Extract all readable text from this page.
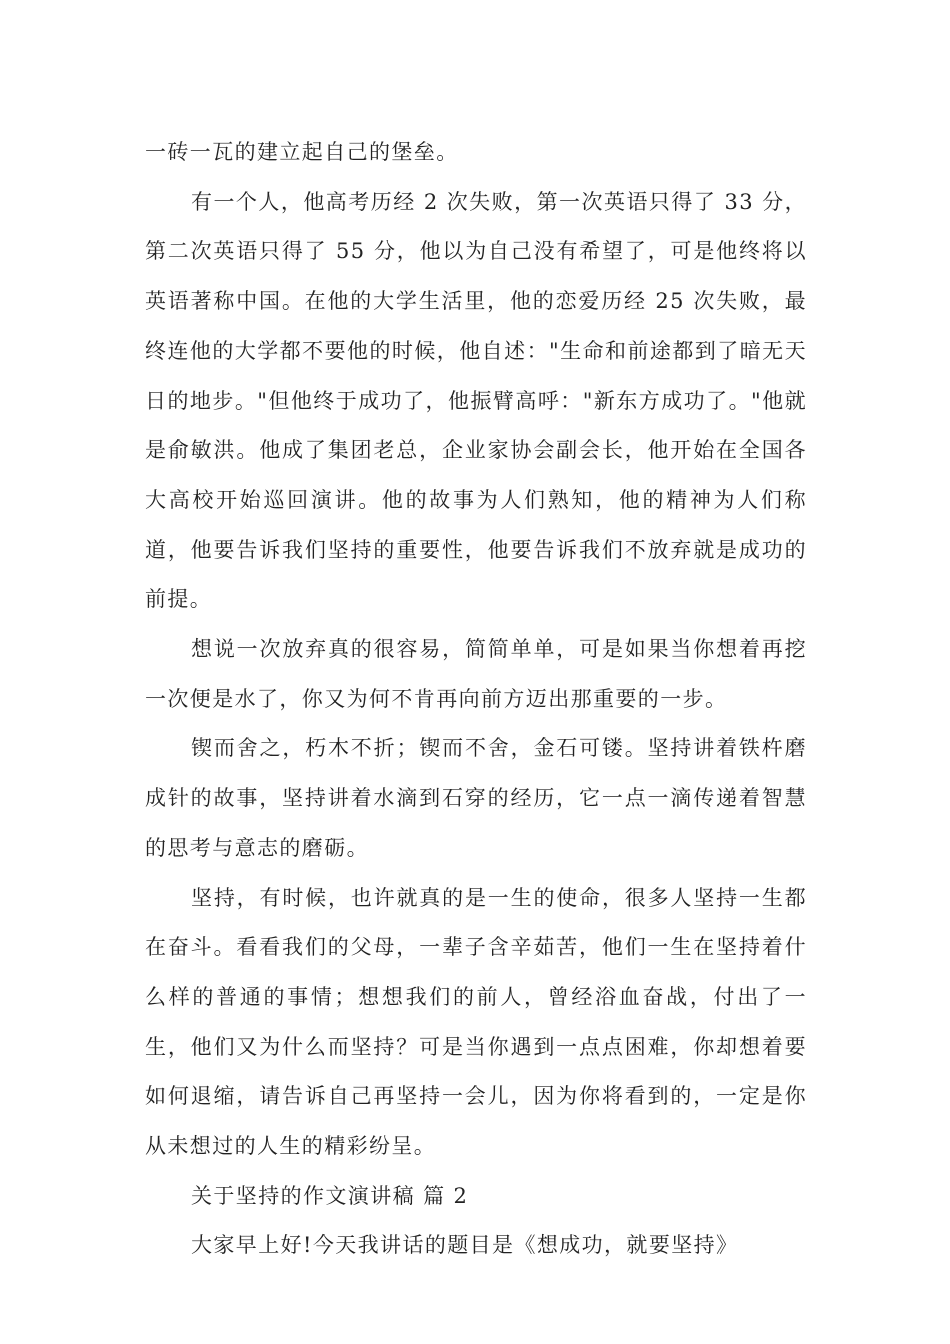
一砖一瓦的建立起自己的堡垒。

有一个人，他高考历经 2 次失败，第一次英语只得了 33 分，第二次英语只得了 55 分，他以为自己没有希望了，可是他终将以英语著称中国。在他的大学生活里，他的恋爱历经 25 次失败，最终连他的大学都不要他的时候，他自述："生命和前途都到了暗无天日的地步。"但他终于成功了，他振臂高呼："新东方成功了。"他就是俞敏洪。他成了集团老总，企业家协会副会长，他开始在全国各大高校开始巡回演讲。他的故事为人们熟知，他的精神为人们称道，他要告诉我们坚持的重要性，他要告诉我们不放弃就是成功的前提。

想说一次放弃真的很容易，简简单单，可是如果当你想着再挖一次便是水了，你又为何不肯再向前方迈出那重要的一步。

锲而舍之，朽木不折；锲而不舍，金石可镂。坚持讲着铁杵磨成针的故事，坚持讲着水滴到石穿的经历，它一点一滴传递着智慧的思考与意志的磨砺。

坚持，有时候，也许就真的是一生的使命，很多人坚持一生都在奋斗。看看我们的父母，一辈子含辛茹苦，他们一生在坚持着什么样的普通的事情；想想我们的前人，曾经浴血奋战，付出了一生，他们又为什么而坚持？可是当你遇到一点点困难，你却想着要如何退缩，请告诉自己再坚持一会儿，因为你将看到的，一定是你从未想过的人生的精彩纷呈。

关于坚持的作文演讲稿 篇 2

大家早上好!今天我讲话的题目是《想成功，就要坚持》
